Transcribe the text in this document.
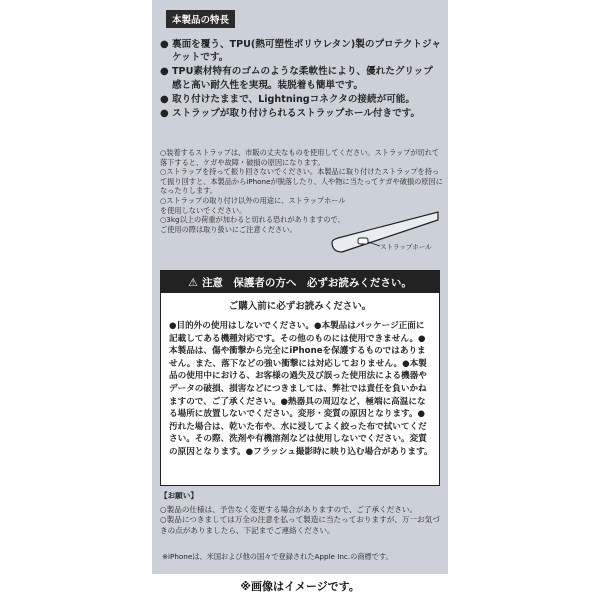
本製品の特長
● 裏面を覆う、TPU(熱可塑性ポリウレタン)製のプロテクトジャケットです。
● TPU素材特有のゴムのような柔軟性により、優れたグリップ感と高い耐久性を実現。装脱着も簡単です。
● 取り付けたままで、Lightningコネクタの接続が可能。
● ストラップが取り付けられるストラップホール付きです。
○装着するストラップは、市販の丈夫なものを使用してください。ストラップが切れて落下すると、ケガや故障・破損の原因になります。
○ストラップを持って振り回さないでください。本製品に取り付けたストラップを持って振り回すと、本製品からiPhoneが脱落したり、人や物に当たってケガや破損の原因になったりします。
○ストラップの取り付け以外の用途に、ストラップホールを使用しないでください。
○3kg以上の荷重が加わると切れる恐れがありますので、ご使用の際は取り扱いにご注意ください。
ストラップホール
⚠ 注意　保護者の方へ　必ずお読みください。
ご購入前に必ずお読みください。
●目的外の使用はしないでください。●本製品はパッケージ正面に記載してある機種対応です。その他のものには使用できません。●本製品は、傷や衝撃から完全にiPhoneを保護するものではありません。また、落下などの強い衝撃には対応しておりません。●本製品の使用中における、お客様の過失及び誤った使用法による機器やデータの破損、損害などにつきましては、弊社では責任を負いかねますので、ご了承ください。●熱器具の周辺など、極端に高温になる場所に放置しないでください。変形・変質の原因となります。●汚れた場合は、乾いた布や、水に浸してよく絞った布で拭いてください。その際、洗剤や有機溶剤などは使用しないでください。変質の原因となります。●フラッシュ撮影時に映り込む場合があります。
【お願い】
○製品の仕様は、予告なく変更する場合がありますので、ご了承ください。
○製品につきましては万全の注意を払って製造に当たっておりますが、万一お気づきの点がありましたら、下記までご連絡ください。
※iPhoneは、米国および他の国々で登録されたApple Inc.の商標です。
※画像はイメージです。
